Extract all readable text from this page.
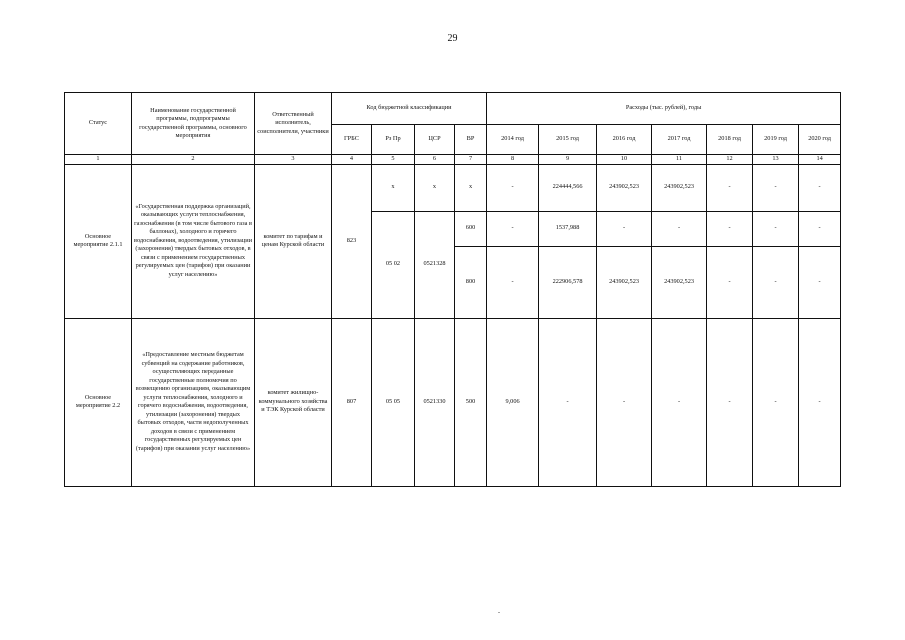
29
Статус	Наименование государственной программы, подпрограммы государственной программы, основного мероприятия	Ответственный исполнитель, соисполнители, участники	Код бюджетной классификации				Расходы (тыс. рублей), годы						
			ГРБС	Рз Пр	ЦСР	ВР	2014 год	2015 год	2016 год	2017 год	2018 год	2019 год	2020 год
1	2	3	4	5	6	7	8	9	10	11	12	13	14
Основное мероприятие 2.1.1	«Государственная поддержка организаций, оказывающих услуги теплоснабжения, газоснабжения (в том числе бытового газа в баллонах), холодного и горячего водоснабжения, водоотведения, утилизации (захоронения) твердых бытовых отходов, в связи с применением государственных регулируемых цен (тарифов) при оказании услуг населению»	комитет по тарифам и ценам Курской области	823	x	x	x	-	224444,566	243902,523	243902,523	-	-	-
				05 02	0521328	600	-	1537,988	-	-	-	-	-
						800	-	222906,578	243902,523	243902,523	-	-	-
Основное мероприятие 2.2	«Предоставление местным бюджетам субвенций на содержание работников, осуществляющих переданные государственные полномочия по возмещению организациям, оказывающим услуги теплоснабжения, холодного и горячего водоснабжения, водоотведения, утилизации (захоронения) твердых бытовых отходов, части недополученных доходов в связи с применением государственных регулируемых цен (тарифов) при оказании услуг населению»	комитет жилищно-коммунального хозяйства и ТЭК Курской области	807	05 05	0521330	500	9,006	-	-	-	-	-	-
.
